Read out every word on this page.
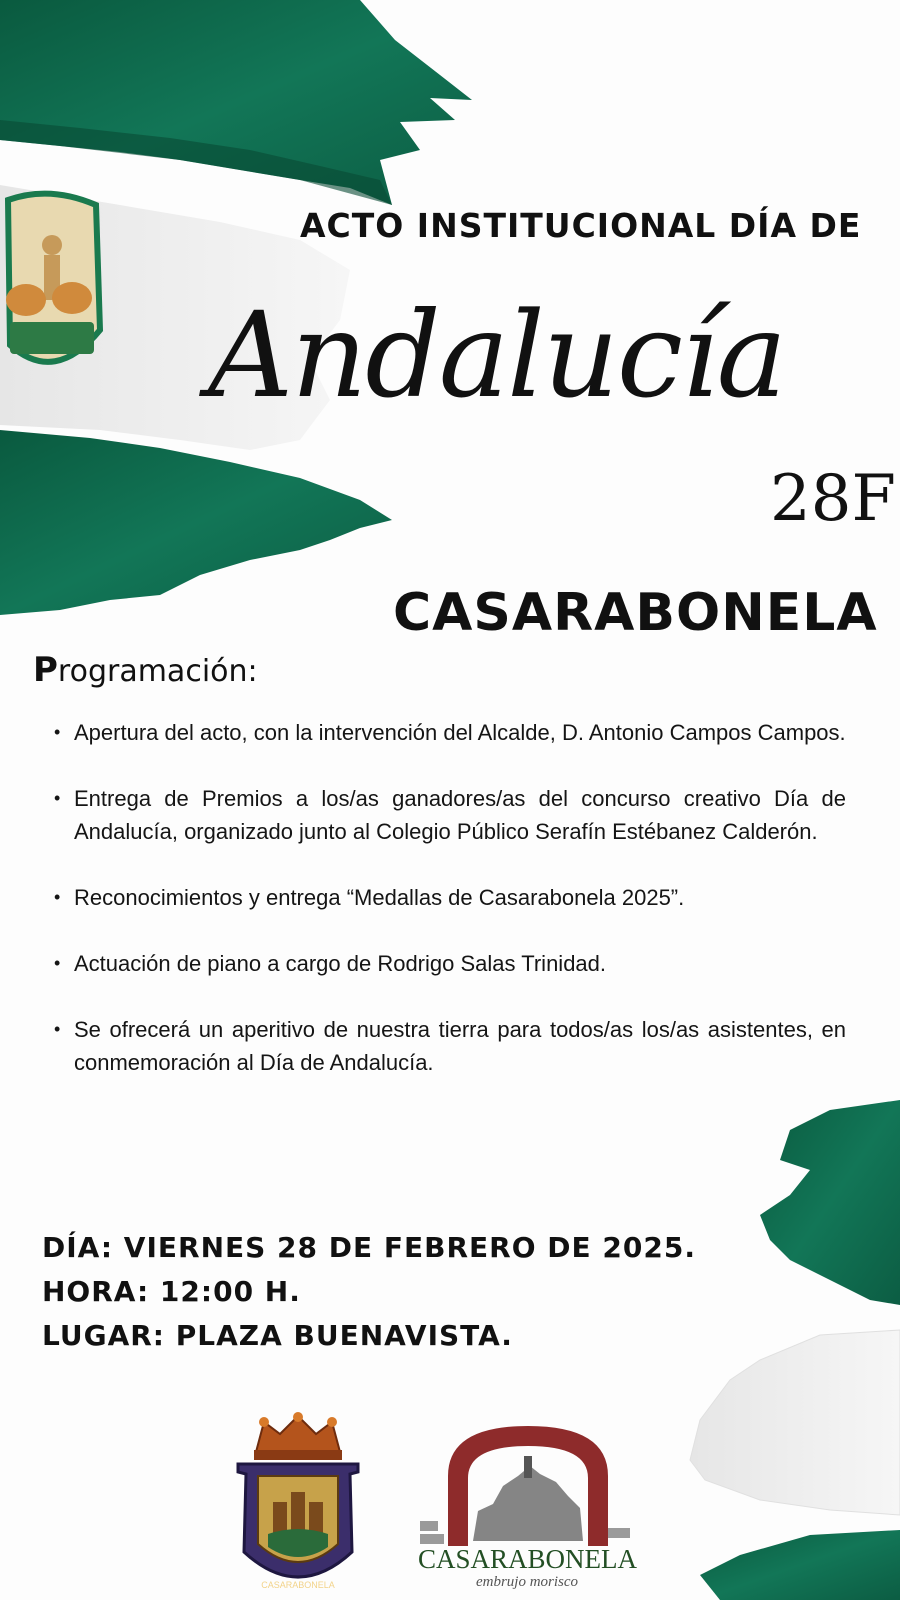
ACTO INSTITUCIONAL DÍA DE
Andalucía
28F
CASARABONELA
Programación:
• Apertura del acto, con la intervención del Alcalde, D. Antonio Campos Campos.
• Entrega de Premios a los/as ganadores/as del concurso creativo Día de Andalucía, organizado junto al Colegio Público Serafín Estébanez Calderón.
• Reconocimientos y entrega “Medallas de Casarabonela 2025”.
• Actuación de piano a cargo de Rodrigo Salas Trinidad.
• Se ofrecerá un aperitivo de nuestra tierra para todos/as los/as asistentes, en conmemoración al Día de Andalucía.
DÍA: VIERNES 28 DE FEBRERO DE 2025.
HORA: 12:00 H.
LUGAR: PLAZA BUENAVISTA.
CASARABONELA
CASARABONELA
embrujo morisco
